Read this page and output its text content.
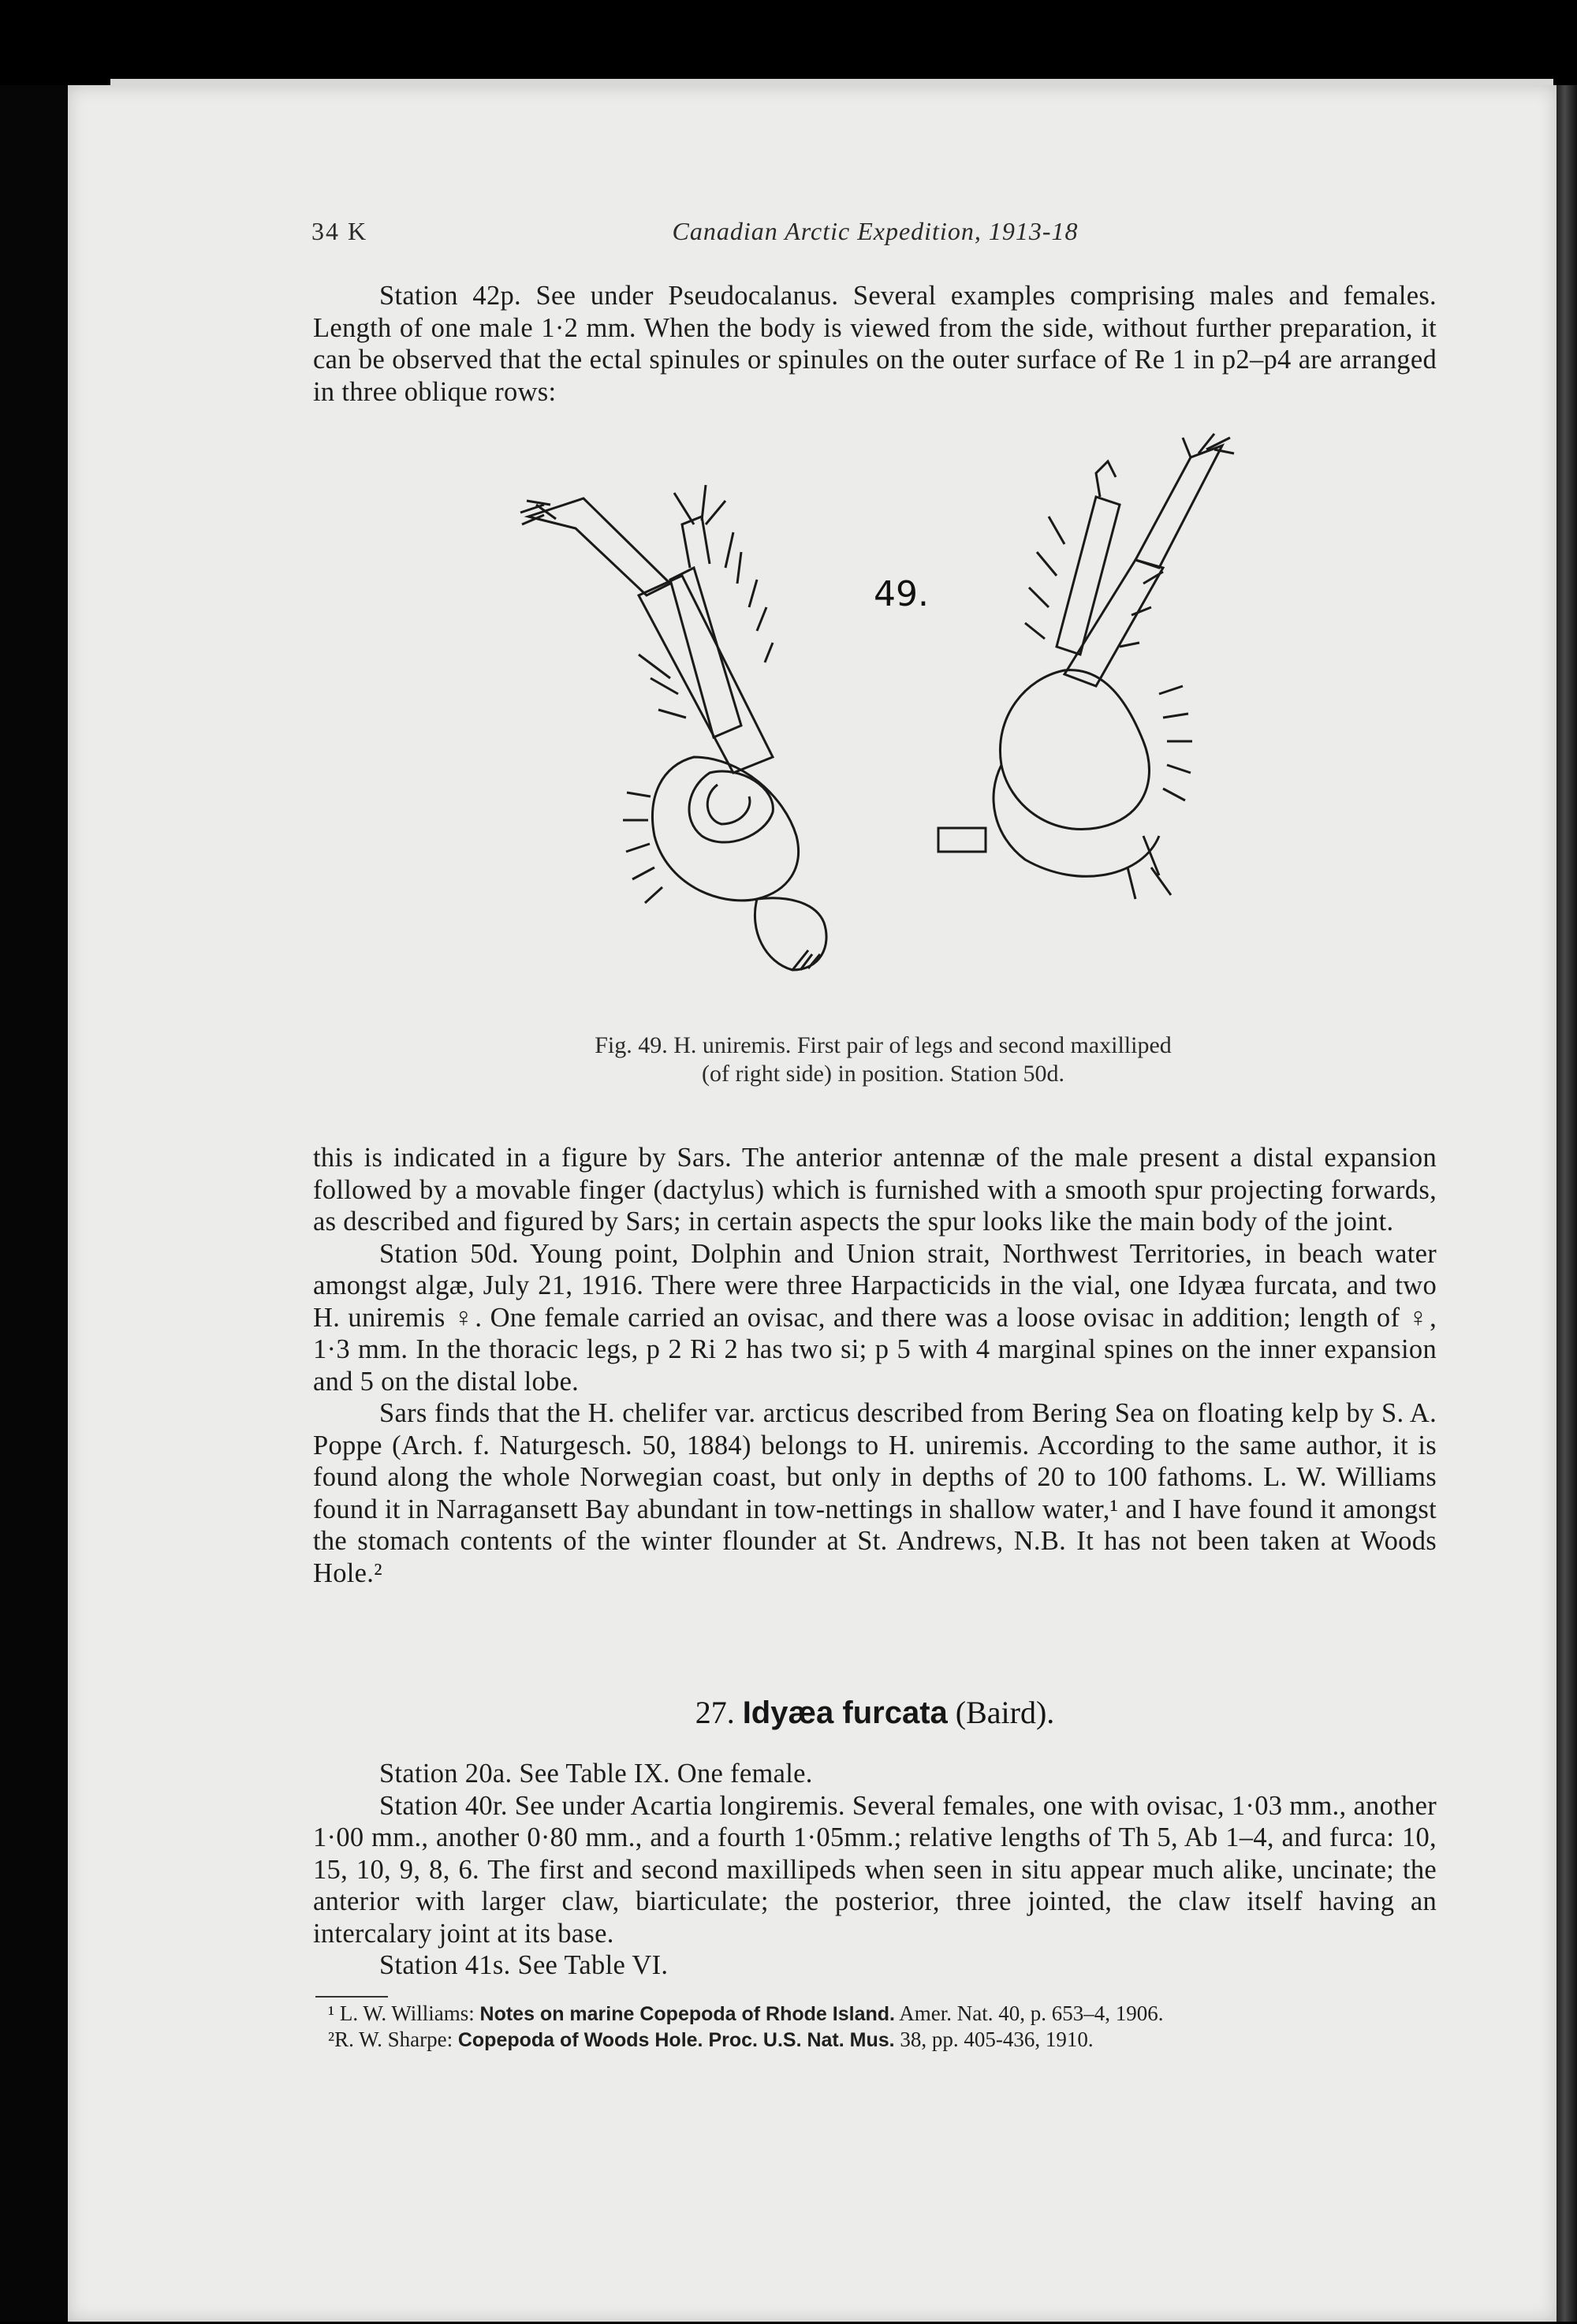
34 K	Canadian Arctic Expedition, 1913-18

Station 42p. See under Pseudocalanus. Several examples comprising males and females. Length of one male 1·2 mm. When the body is viewed from the side, without further preparation, it can be observed that the ectal spinules or spinules on the outer surface of Re 1 in p2–p4 are arranged in three oblique rows:

49.
Fig. 49. H. uniremis. First pair of legs and second maxilliped
(of right side) in position. Station 50d.

this is indicated in a figure by Sars. The anterior antennæ of the male present a distal expansion followed by a movable finger (dactylus) which is furnished with a smooth spur projecting forwards, as described and figured by Sars; in certain aspects the spur looks like the main body of the joint.

Station 50d. Young point, Dolphin and Union strait, Northwest Territories, in beach water amongst algæ, July 21, 1916. There were three Harpacticids in the vial, one Idyæa furcata, and two H. uniremis ♀. One female carried an ovisac, and there was a loose ovisac in addition; length of ♀, 1·3 mm. In the thoracic legs, p 2 Ri 2 has two si; p 5 with 4 marginal spines on the inner expansion and 5 on the distal lobe.

Sars finds that the H. chelifer var. arcticus described from Bering Sea on floating kelp by S. A. Poppe (Arch. f. Naturgesch. 50, 1884) belongs to H. uniremis. According to the same author, it is found along the whole Norwegian coast, but only in depths of 20 to 100 fathoms. L. W. Williams found it in Narragansett Bay abundant in tow-nettings in shallow water,¹ and I have found it amongst the stomach contents of the winter flounder at St. Andrews, N.B. It has not been taken at Woods Hole.²

27. Idyæa furcata (Baird).

Station 20a. See Table IX. One female.

Station 40r. See under Acartia longiremis. Several females, one with ovisac, 1·03 mm., another 1·00 mm., another 0·80 mm., and a fourth 1·05mm.; relative lengths of Th 5, Ab 1–4, and furca: 10, 15, 10, 9, 8, 6. The first and second maxillipeds when seen in situ appear much alike, uncinate; the anterior with larger claw, biarticulate; the posterior, three jointed, the claw itself having an intercalary joint at its base.

Station 41s. See Table VI.

¹ L. W. Williams: Notes on marine Copepoda of Rhode Island. Amer. Nat. 40, p. 653–4, 1906.
²R. W. Sharpe: Copepoda of Woods Hole. Proc. U.S. Nat. Mus. 38, pp. 405-436, 1910.
